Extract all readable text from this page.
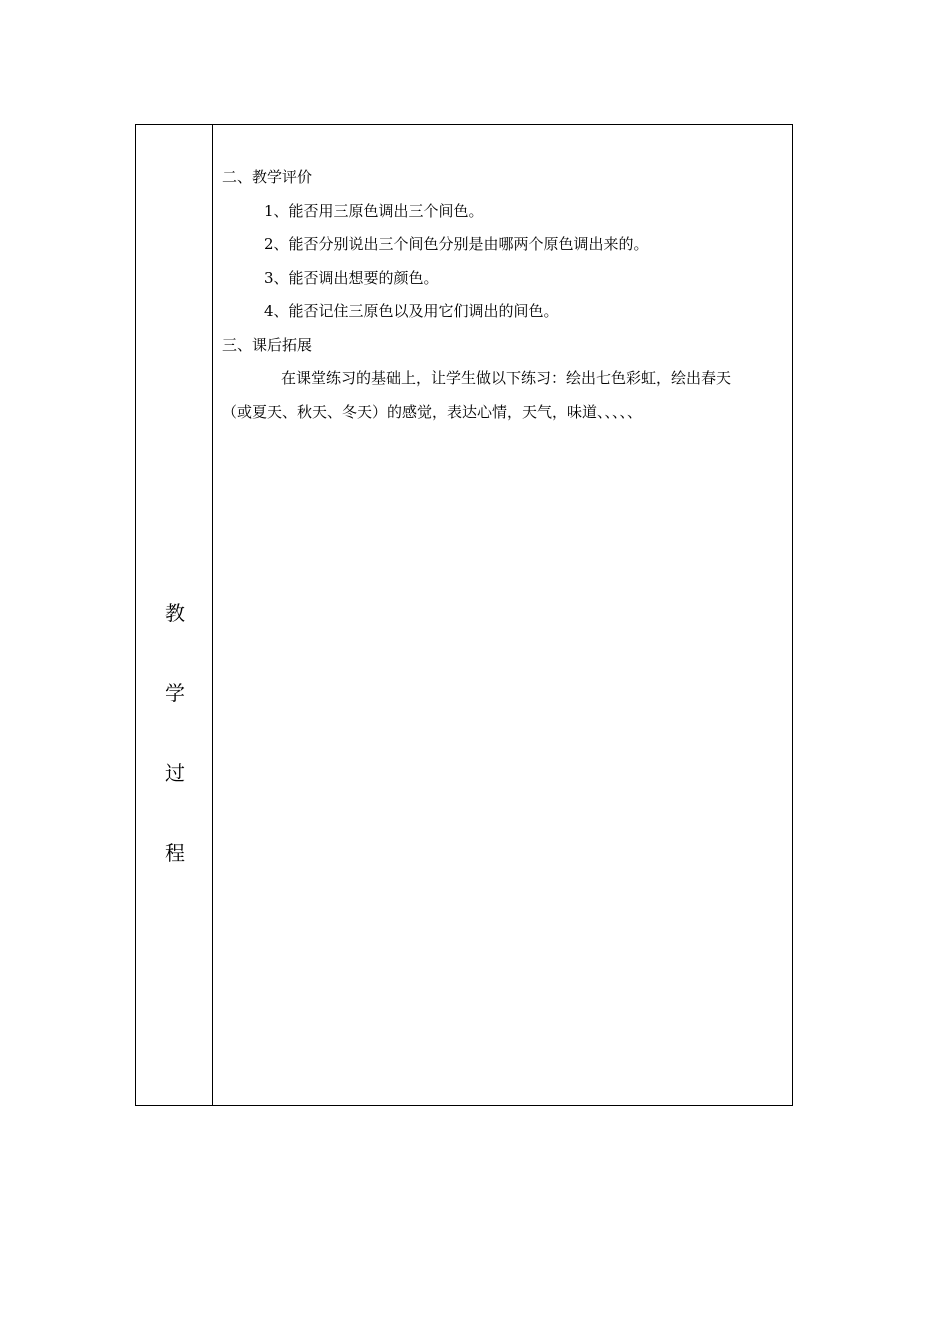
教
学
过
程

二、教学评价

1、能否用三原色调出三个间色。

2、能否分别说出三个间色分别是由哪两个原色调出来的。

3、能否调出想要的颜色。

4、能否记住三原色以及用它们调出的间色。

三、课后拓展

在课堂练习的基础上，让学生做以下练习：绘出七色彩虹，绘出春天

（或夏天、秋天、冬天）的感觉，表达心情，天气，味道、、、、、
